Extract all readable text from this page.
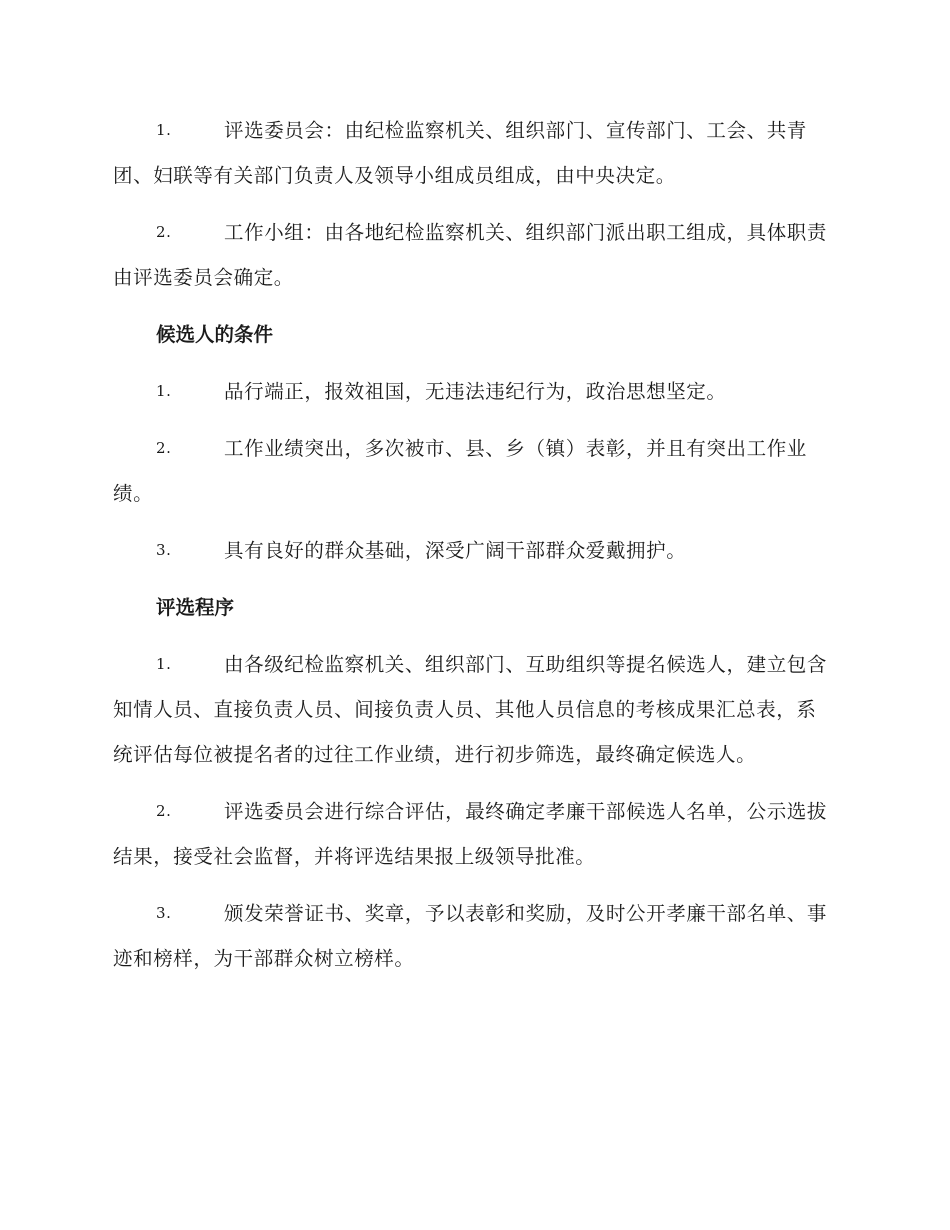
1.	评选委员会：由纪检监察机关、组织部门、宣传部门、工会、共青团、妇联等有关部门负责人及领导小组成员组成，由中央决定。

2.	工作小组：由各地纪检监察机关、组织部门派出职工组成，具体职责由评选委员会确定。

候选人的条件

1.	品行端正，报效祖国，无违法违纪行为，政治思想坚定。

2.	工作业绩突出，多次被市、县、乡（镇）表彰，并且有突出工作业绩。

3.	具有良好的群众基础，深受广阔干部群众爱戴拥护。

评选程序

1.	由各级纪检监察机关、组织部门、互助组织等提名候选人，建立包含知情人员、直接负责人员、间接负责人员、其他人员信息的考核成果汇总表，系统评估每位被提名者的过往工作业绩，进行初步筛选，最终确定候选人。

2.	评选委员会进行综合评估，最终确定孝廉干部候选人名单，公示选拔结果，接受社会监督，并将评选结果报上级领导批准。

3.	颁发荣誉证书、奖章，予以表彰和奖励，及时公开孝廉干部名单、事迹和榜样，为干部群众树立榜样。
